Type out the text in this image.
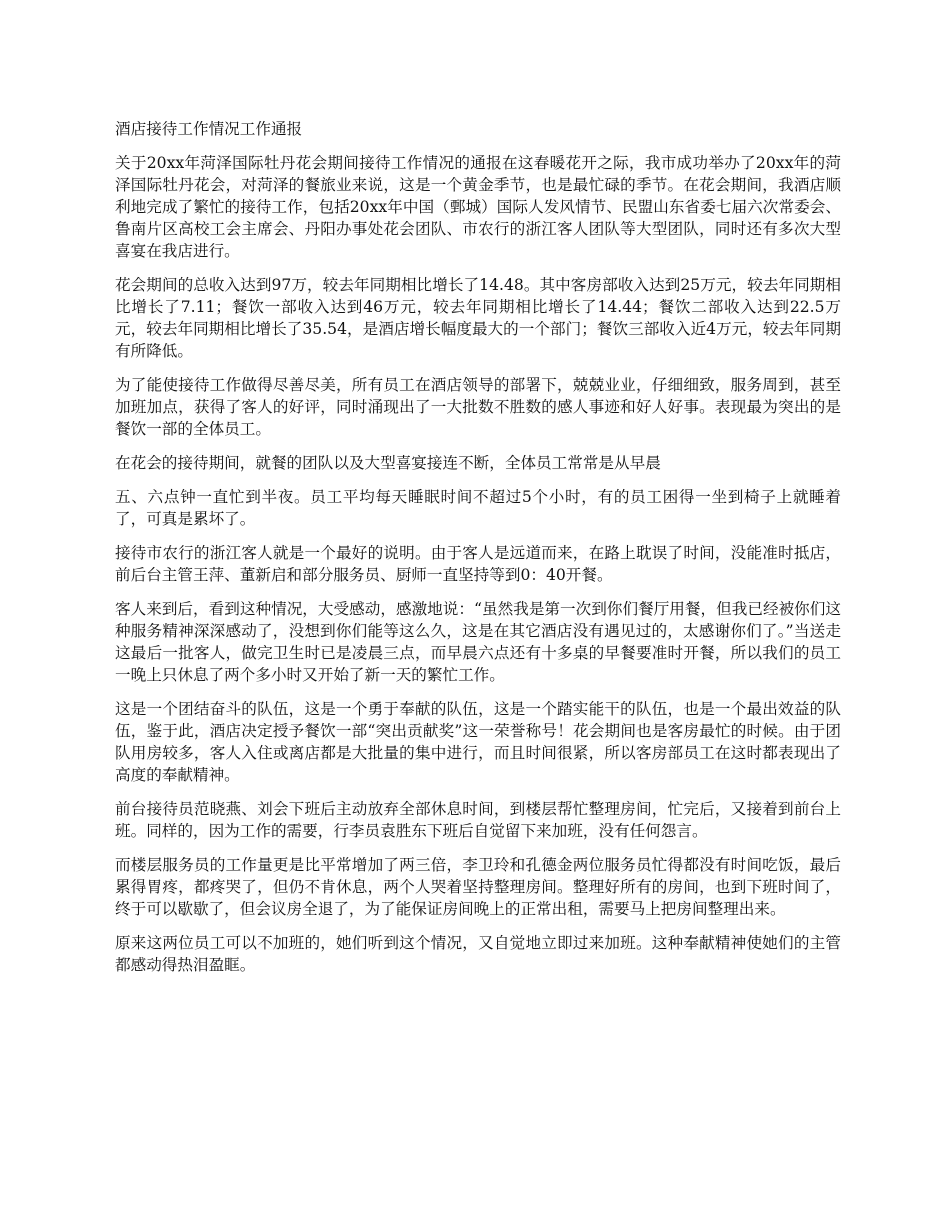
酒店接待工作情况工作通报

关于20xx年菏泽国际牡丹花会期间接待工作情况的通报在这春暖花开之际，我市成功举办了20xx年的菏泽国际牡丹花会，对菏泽的餐旅业来说，这是一个黄金季节，也是最忙碌的季节。在花会期间，我酒店顺利地完成了繁忙的接待工作，包括20xx年中国（鄄城）国际人发风情节、民盟山东省委七届六次常委会、鲁南片区高校工会主席会、丹阳办事处花会团队、市农行的浙江客人团队等大型团队，同时还有多次大型喜宴在我店进行。

花会期间的总收入达到97万，较去年同期相比增长了14.48。其中客房部收入达到25万元，较去年同期相比增长了7.11；餐饮一部收入达到46万元，较去年同期相比增长了14.44；餐饮二部收入达到22.5万元，较去年同期相比增长了35.54，是酒店增长幅度最大的一个部门；餐饮三部收入近4万元，较去年同期有所降低。

为了能使接待工作做得尽善尽美，所有员工在酒店领导的部署下，兢兢业业，仔细细致，服务周到，甚至加班加点，获得了客人的好评，同时涌现出了一大批数不胜数的感人事迹和好人好事。表现最为突出的是餐饮一部的全体员工。

在花会的接待期间，就餐的团队以及大型喜宴接连不断，全体员工常常是从早晨

五、六点钟一直忙到半夜。员工平均每天睡眠时间不超过5个小时，有的员工困得一坐到椅子上就睡着了，可真是累坏了。

接待市农行的浙江客人就是一个最好的说明。由于客人是远道而来，在路上耽误了时间，没能准时抵店，前后台主管王萍、董新启和部分服务员、厨师一直坚持等到0：40开餐。

客人来到后，看到这种情况，大受感动，感激地说：“虽然我是第一次到你们餐厅用餐，但我已经被你们这种服务精神深深感动了，没想到你们能等这么久，这是在其它酒店没有遇见过的，太感谢你们了。”当送走这最后一批客人，做完卫生时已是凌晨三点，而早晨六点还有十多桌的早餐要准时开餐，所以我们的员工一晚上只休息了两个多小时又开始了新一天的繁忙工作。

这是一个团结奋斗的队伍，这是一个勇于奉献的队伍，这是一个踏实能干的队伍，也是一个最出效益的队伍，鉴于此，酒店决定授予餐饮一部“突出贡献奖”这一荣誉称号！花会期间也是客房最忙的时候。由于团队用房较多，客人入住或离店都是大批量的集中进行，而且时间很紧，所以客房部员工在这时都表现出了高度的奉献精神。

前台接待员范晓燕、刘会下班后主动放弃全部休息时间，到楼层帮忙整理房间，忙完后，又接着到前台上班。同样的，因为工作的需要，行李员袁胜东下班后自觉留下来加班，没有任何怨言。

而楼层服务员的工作量更是比平常增加了两三倍，李卫玲和孔德金两位服务员忙得都没有时间吃饭，最后累得胃疼，都疼哭了，但仍不肯休息，两个人哭着坚持整理房间。整理好所有的房间，也到下班时间了，终于可以歇歇了，但会议房全退了，为了能保证房间晚上的正常出租，需要马上把房间整理出来。

原来这两位员工可以不加班的，她们听到这个情况，又自觉地立即过来加班。这种奉献精神使她们的主管都感动得热泪盈眶。
